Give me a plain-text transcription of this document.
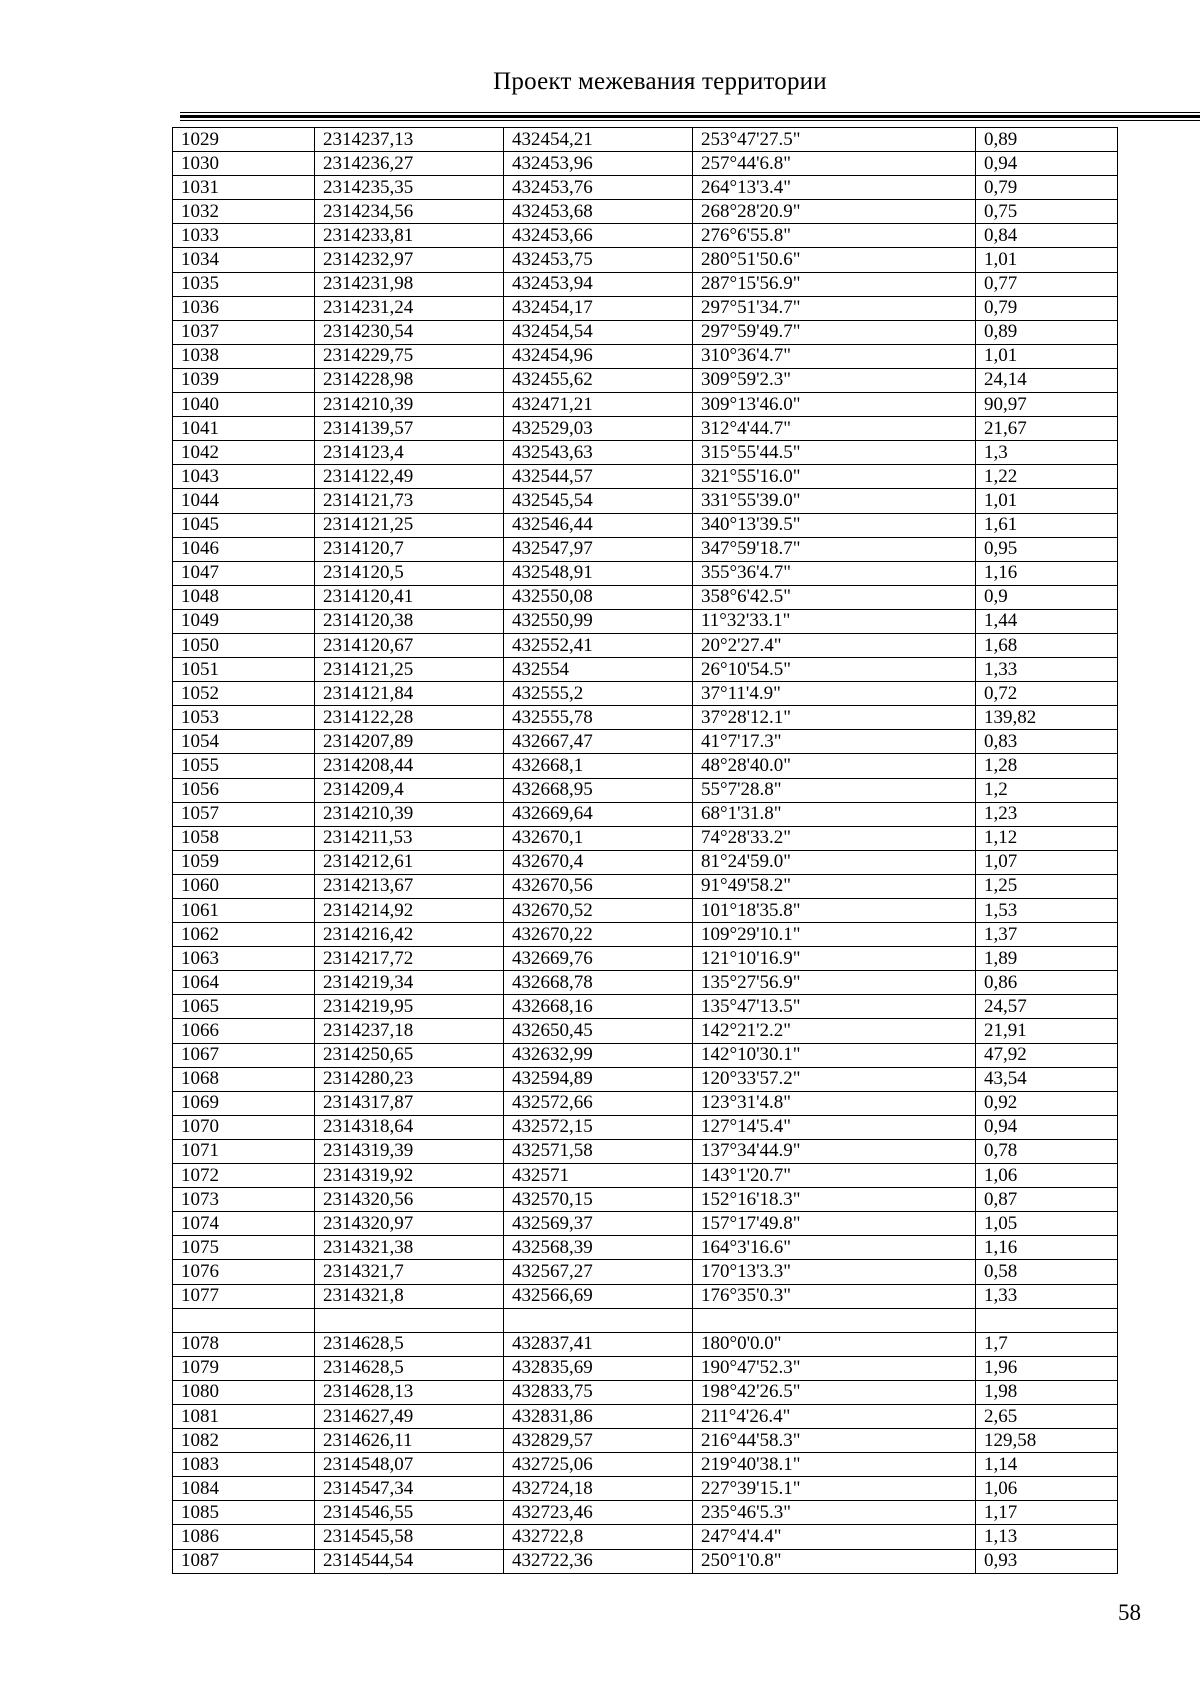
Проект межевания территории
1029	2314237,13	432454,21	253°47'27.5"	0,89
1030	2314236,27	432453,96	257°44'6.8"	0,94
1031	2314235,35	432453,76	264°13'3.4"	0,79
1032	2314234,56	432453,68	268°28'20.9"	0,75
1033	2314233,81	432453,66	276°6'55.8"	0,84
1034	2314232,97	432453,75	280°51'50.6"	1,01
1035	2314231,98	432453,94	287°15'56.9"	0,77
1036	2314231,24	432454,17	297°51'34.7"	0,79
1037	2314230,54	432454,54	297°59'49.7"	0,89
1038	2314229,75	432454,96	310°36'4.7"	1,01
1039	2314228,98	432455,62	309°59'2.3"	24,14
1040	2314210,39	432471,21	309°13'46.0"	90,97
1041	2314139,57	432529,03	312°4'44.7"	21,67
1042	2314123,4	432543,63	315°55'44.5"	1,3
1043	2314122,49	432544,57	321°55'16.0"	1,22
1044	2314121,73	432545,54	331°55'39.0"	1,01
1045	2314121,25	432546,44	340°13'39.5"	1,61
1046	2314120,7	432547,97	347°59'18.7"	0,95
1047	2314120,5	432548,91	355°36'4.7"	1,16
1048	2314120,41	432550,08	358°6'42.5"	0,9
1049	2314120,38	432550,99	11°32'33.1"	1,44
1050	2314120,67	432552,41	20°2'27.4"	1,68
1051	2314121,25	432554	26°10'54.5"	1,33
1052	2314121,84	432555,2	37°11'4.9"	0,72
1053	2314122,28	432555,78	37°28'12.1"	139,82
1054	2314207,89	432667,47	41°7'17.3"	0,83
1055	2314208,44	432668,1	48°28'40.0"	1,28
1056	2314209,4	432668,95	55°7'28.8"	1,2
1057	2314210,39	432669,64	68°1'31.8"	1,23
1058	2314211,53	432670,1	74°28'33.2"	1,12
1059	2314212,61	432670,4	81°24'59.0"	1,07
1060	2314213,67	432670,56	91°49'58.2"	1,25
1061	2314214,92	432670,52	101°18'35.8"	1,53
1062	2314216,42	432670,22	109°29'10.1"	1,37
1063	2314217,72	432669,76	121°10'16.9"	1,89
1064	2314219,34	432668,78	135°27'56.9"	0,86
1065	2314219,95	432668,16	135°47'13.5"	24,57
1066	2314237,18	432650,45	142°21'2.2"	21,91
1067	2314250,65	432632,99	142°10'30.1"	47,92
1068	2314280,23	432594,89	120°33'57.2"	43,54
1069	2314317,87	432572,66	123°31'4.8"	0,92
1070	2314318,64	432572,15	127°14'5.4"	0,94
1071	2314319,39	432571,58	137°34'44.9"	0,78
1072	2314319,92	432571	143°1'20.7"	1,06
1073	2314320,56	432570,15	152°16'18.3"	0,87
1074	2314320,97	432569,37	157°17'49.8"	1,05
1075	2314321,38	432568,39	164°3'16.6"	1,16
1076	2314321,7	432567,27	170°13'3.3"	0,58
1077	2314321,8	432566,69	176°35'0.3"	1,33

1078	2314628,5	432837,41	180°0'0.0"	1,7
1079	2314628,5	432835,69	190°47'52.3"	1,96
1080	2314628,13	432833,75	198°42'26.5"	1,98
1081	2314627,49	432831,86	211°4'26.4"	2,65
1082	2314626,11	432829,57	216°44'58.3"	129,58
1083	2314548,07	432725,06	219°40'38.1"	1,14
1084	2314547,34	432724,18	227°39'15.1"	1,06
1085	2314546,55	432723,46	235°46'5.3"	1,17
1086	2314545,58	432722,8	247°4'4.4"	1,13
1087	2314544,54	432722,36	250°1'0.8"	0,93
58
